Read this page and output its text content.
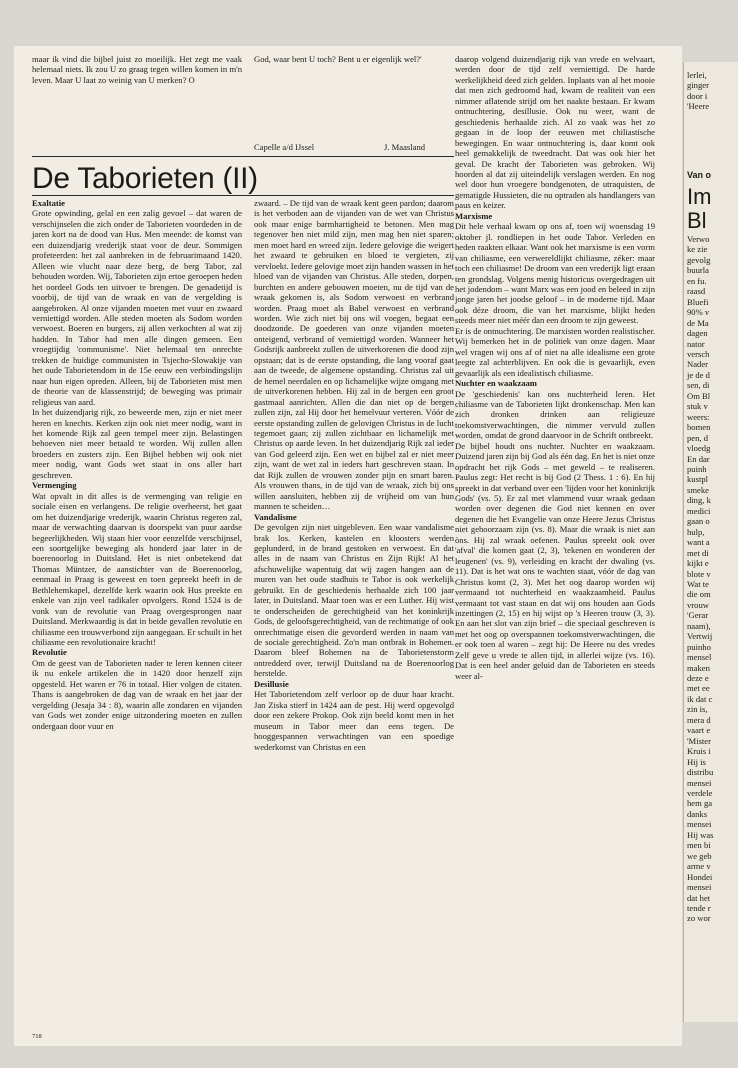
maar ik vind die bijbel juist zo moeilijk. Het zegt me vaak helemaal niets. Ik zou U zo graag tegen willen komen in m'n leven. Maar U laat zo weinig van U merken? O
God, waar bent U toch? Bent u er eigenlijk wel?'
Capelle a/d IJssel	J. Maasland
De Taborieten (II)

Exaltatie

Grote opwinding, gelal en een zalig gevoel – dat waren de verschijnselen die zich onder de Taborieten voordeden in de jaren kort na de dood van Hus. Men meende: de komst van een duizendjarig vrederijk staat voor de deur. Sommigen profeteerden: het zal aanbreken in de februarimaand 1420. Alleen wie vlucht naar deze berg, de berg Tabor, zal behouden worden. Wij, Taborieten zijn ertoe geroepen heden het oordeel Gods ten uitvoer te brengen. De genadetijd is voorbij, de tijd van de wraak en van de vergelding is aangebroken. Al onze vijanden moeten met vuur en zwaard verniettigd worden. Alle steden moeten als Sodom worden verwoest. Boeren en burgers, zij allen verkochten al wat zij hadden. In Tabor had men alle dingen gemeen. Een vroegtijdig 'communisme'. Niet helemaal ten onrechte trekken de huidige communisten in Tsjecho-Slowakije van het oude Taborietendom in de 15e eeuw een verbindingslijn naar hun eigen opreden. Alleen, bij de Taborieten mist men de theorie van de klassenstrijd; de beweging was primair religieus van aard.

In het duizendjarig rijk, zo beweerde men, zijn er niet meer heren en knechts. Kerken zijn ook niet meer nodig, want in het komende Rijk zal geen tempel meer zijn. Belastingen behoeven niet meer betaald te worden. Wij zullen allen broeders en zusters zijn. Een Bijbel hebben wij ook niet meer nodig, want Gods wet staat in ons aller hart geschreven.

Vermenging

Wat opvalt in dit alles is de vermenging van religie en sociale eisen en verlangens. De religie overheerst, het gaat om het duizendjarige vrederijk, waarin Christus regeren zal, maar de verwachting daarvan is doorspekt van puur aardse begeerlijkheden. Wij staan hier voor eenzelfde verschijnsel, een soortgelijke beweging als honderd jaar later in de boerenoorlog in Duitsland. Het is niet onbetekend dat Thomas Müntzer, de aanstichter van de Boerenoorlog, eenmaal in Praag is geweest en toen gepreekt heeft in de Bethlehemkapel, dezelfde kerk waarin ook Hus preekte en enkele van zijn veel radikaler opvolgers. Rond 1524 is de vonk van de revolutie van Praag overgesprongen naar Duitsland. Merkwaardig is dat in beide gevallen revolutie en chiliasme een trouwverbond zijn aangegaan. Er schuilt in het chiliasme een revolutionaire kracht!

Revolutie

Om de geest van de Taborieten nader te leren kennen citeer ik nu enkele artikelen die in 1420 door henzelf zijn opgesteld. Het waren er 76 in totaal. Hier volgen de citaten. Thans is aangebroken de dag van de wraak en het jaar der vergelding (Jesaja 34 : 8), waarin alle zondaren en vijanden van Gods wet zonder enige uitzondering moeten en zullen ondergaan door vuur en

zwaard. – De tijd van de wraak kent geen pardon; daarom is het verboden aan de vijanden van de wet van Christus ook maar enige barmhartigheid te betonen. Men mag tegenover hen niet mild zijn, men mag hen niet sparen; men moet hard en wreed zijn. Iedere gelovige die weigert het zwaard te gebruiken en bloed te vergieten, zij vervloekt. Iedere gelovige moet zijn handen wassen in het bloed van de vijanden van Christus. Alle steden, dorpen, burchten en andere gebouwen moeten, nu de tijd van de wraak gekomen is, als Sodom verwoest en verbrand worden. Praag moet als Babel verwoest en verbrand worden. Wie zich niet bij ons wil voegen, begaat een doodzonde. De goederen van onze vijanden moeten onteigend, verbrand of verniettigd worden. Wanneer het Godsrijk aanbreekt zullen de uitverkorenen die dood zijn opstaan; dat is de eerste opstanding, die lang vooraf gaat aan de tweede, de algemene opstanding. Christus zal uit de hemel neerdalen en op lichamelijke wijze omgang met de uitverkorenen hebben. Hij zal in de bergen een groot gastmaal aanrichten. Allen die dan niet op de bergen zullen zijn, zal Hij door het hemelvuur verteren. Vóór de eerste opstanding zullen de gelovigen Christus in de lucht tegemoet gaan; zij zullen zichtbaar en lichamelijk met Christus op aarde leven. In het duizendjarig Rijk zal ieder van God geleerd zijn. Een wet en bijbel zal er niet meer zijn, want de wet zal in ieders hart geschreven staan. In dat Rijk zullen de vrouwen zonder pijn en smart baren. Als vrouwen thans, in de tijd van de wraak, zich bij ons willen aansluiten, hebben zij de vrijheid om van hun mannen te scheiden…

Vandalisme

De gevolgen zijn niet uitgebleven. Een waar vandalisme brak los. Kerken, kastelen en kloosters werden geplunderd, in de brand gestoken en verwoest. En dat alles in de naam van Christus en Zijn Rijk! Al het afschuwelijke wapentuig dat wij zagen hangen aan de muren van het oude stadhuis te Tabor is ook werkelijk gebruikt. En de geschiedenis herhaalde zich 100 jaar later, in Duitsland. Maar toen was er een Luther. Hij wist te onderscheiden de gerechtigheid van het koninkrijk Gods, de geloofsgerechtigheid, van de rechtmatige of ook onrechtmatige eisen die gevorderd werden in naam van de sociale gerechtigheid. Zo'n man ontbrak in Bohemen. Daarom bleef Bohemen na de Taborietenstorm ontredderd over, terwijl Duitsland na de Boerenoorlog herstelde.

Desillusie

Het Taborietendom zelf verloor op de duur haar kracht. Jan Ziska stierf in 1424 aan de pest. Hij werd opgevolgd door een zekere Prokop. Ook zijn beeld komt men in het museum in Tabor meer dan eens tegen. De hooggespannen verwachtingen van een spoedige wederkomst van Christus en een

daarop volgend duizendjarig rijk van vrede en welvaart, werden door de tijd zelf verniettigd. De harde werkelijkheid deed zich gelden. Inplaats van al het mooie dat men zich gedroomd had, kwam de realiteit van een nimmer aflatende strijd om het naakte bestaan. Er kwam ontnuchtering, desillusie. Ook nu weer, want de geschiedenis herhaalde zich. Al zo vaak was het zo gegaan in de loop der eeuwen met chiliastische bewegingen. En waar ontnuchtering is, daar komt ook heel gemakkelijk de tweedracht. Dat was ook hier het geval. De kracht der Taborieten was gebroken. Wij hoorden al dat zij uiteindelijk verslagen werden. En nog wel door hun vroegere bondgenoten, de utraquisten, de gematigde Hussieten, die nu optraden als handlangers van paus en keizer.

Marxisme

Dit hele verhaal kwam op ons af, toen wij woensdag 19 oktober jl. rondliepen in het oude Tabor. Verleden en heden raakten elkaar. Want ook het marxisme is een vorm van chiliasme, een verwereldlijkt chiliasme, zéker: maar toch een chiliasme! De droom van een vrederijk ligt eraan ten grondslag. Volgens menig historicus overgedragen uit het jodendom – want Marx was een jood en beleed in zijn jonge jaren het joodse geloof – in de moderne tijd. Maar ook déze droom, die van het marxisme, blijkt heden steeds meer niet méér dan een droom te zijn geweest.

Er is de ontnuchtering. De marxisten worden realistischer. Wij bemerken het in de politiek van onze dagen. Maar wel vragen wij ons af of niet na alle idealisme een grote leegte zal achterblijven. En ook die is gevaarlijk, even gevaarlijk als een idealistisch chiliasme.

Nuchter en waakzaam

De 'geschiedenis' kan ons nuchterheid leren. Het chiliasme van de Taborieten lijkt dronkenschap. Men kan zich dronken drinken aan religieuze toekomstverwachtingen, die nimmer vervuld zullen worden, omdat de grond daarvoor in de Schrift ontbreekt.

De bijbel houdt ons nuchter. Nuchter en waakzaam. Duizend jaren zijn bij God als één dag. En het is niet onze opdracht het rijk Gods – met geweld – te realiseren. Paulus zegt: Het recht is bij God (2 Thess. 1 : 6). En hij spreekt in dat verband over een 'lijden voor het koninkrijk Gods' (vs. 5). Er zal met vlammend vuur wraak gedaan worden over degenen die God niet kennen en over degenen die het Evangelie van onze Heere Jezus Christus niet gehoorzaam zijn (vs. 8). Maar die wraak is niet aan òns. Hij zal wraak oefenen. Paulus spreekt ook over 'afval' die komen gaat (2, 3), 'tekenen en wonderen der leugenen' (vs. 9), verleiding en kracht der dwaling (vs. 11). Dat is het wat ons te wachten staat, vóór de dag van Christus komt (2, 3). Met het oog daarop worden wij vermaand tot nuchterheid en waakzaamheid. Paulus vermaant tot vast staan en dat wij ons houden aan Gods inzettingen (2, 15) en hij wijst op 's Heeren trouw (3, 3). En aan het slot van zijn brief – die speciaal geschreven is met het oog op overspannen toekomstverwachtingen, die er ook toen al waren – zegt hij: De Heere nu des vredes Zelf geve u vrede te allen tijd, in allerlei wijze (vs. 16). Dat is een heel ander geluid dan de Taborieten en steeds weer al-

718
lerlei,
ginger
door i
'Heere
Van o
Im
Bl
Verwo
ke zie
gevolg
buurla
en fu.
raasd
Bluefi
90% v
de Ma
dagen
nator
versch
Nader
je de d
sen, di
Om Bl
stuk v
weers:
bomen
pen, d
vloedg
En dar
puinh
kustpl
smeke
ding, k
medici
gaan o
hulp,
want a
met di
kijkt e
blote v
Wat te
die om
vrouw
'Gerar
naam),
Vertwij
puinho
mensel
maken
deze e
met ee
ik dat c
zin is,
mera d
vaart e
'Mister
Kruis i
Hij is
distribu
mensei
verdele
hem ga
danks
mensei
Hij was
men bi
we geb
arme v
Hondei
mensei
dat het
tende r
zo wor
